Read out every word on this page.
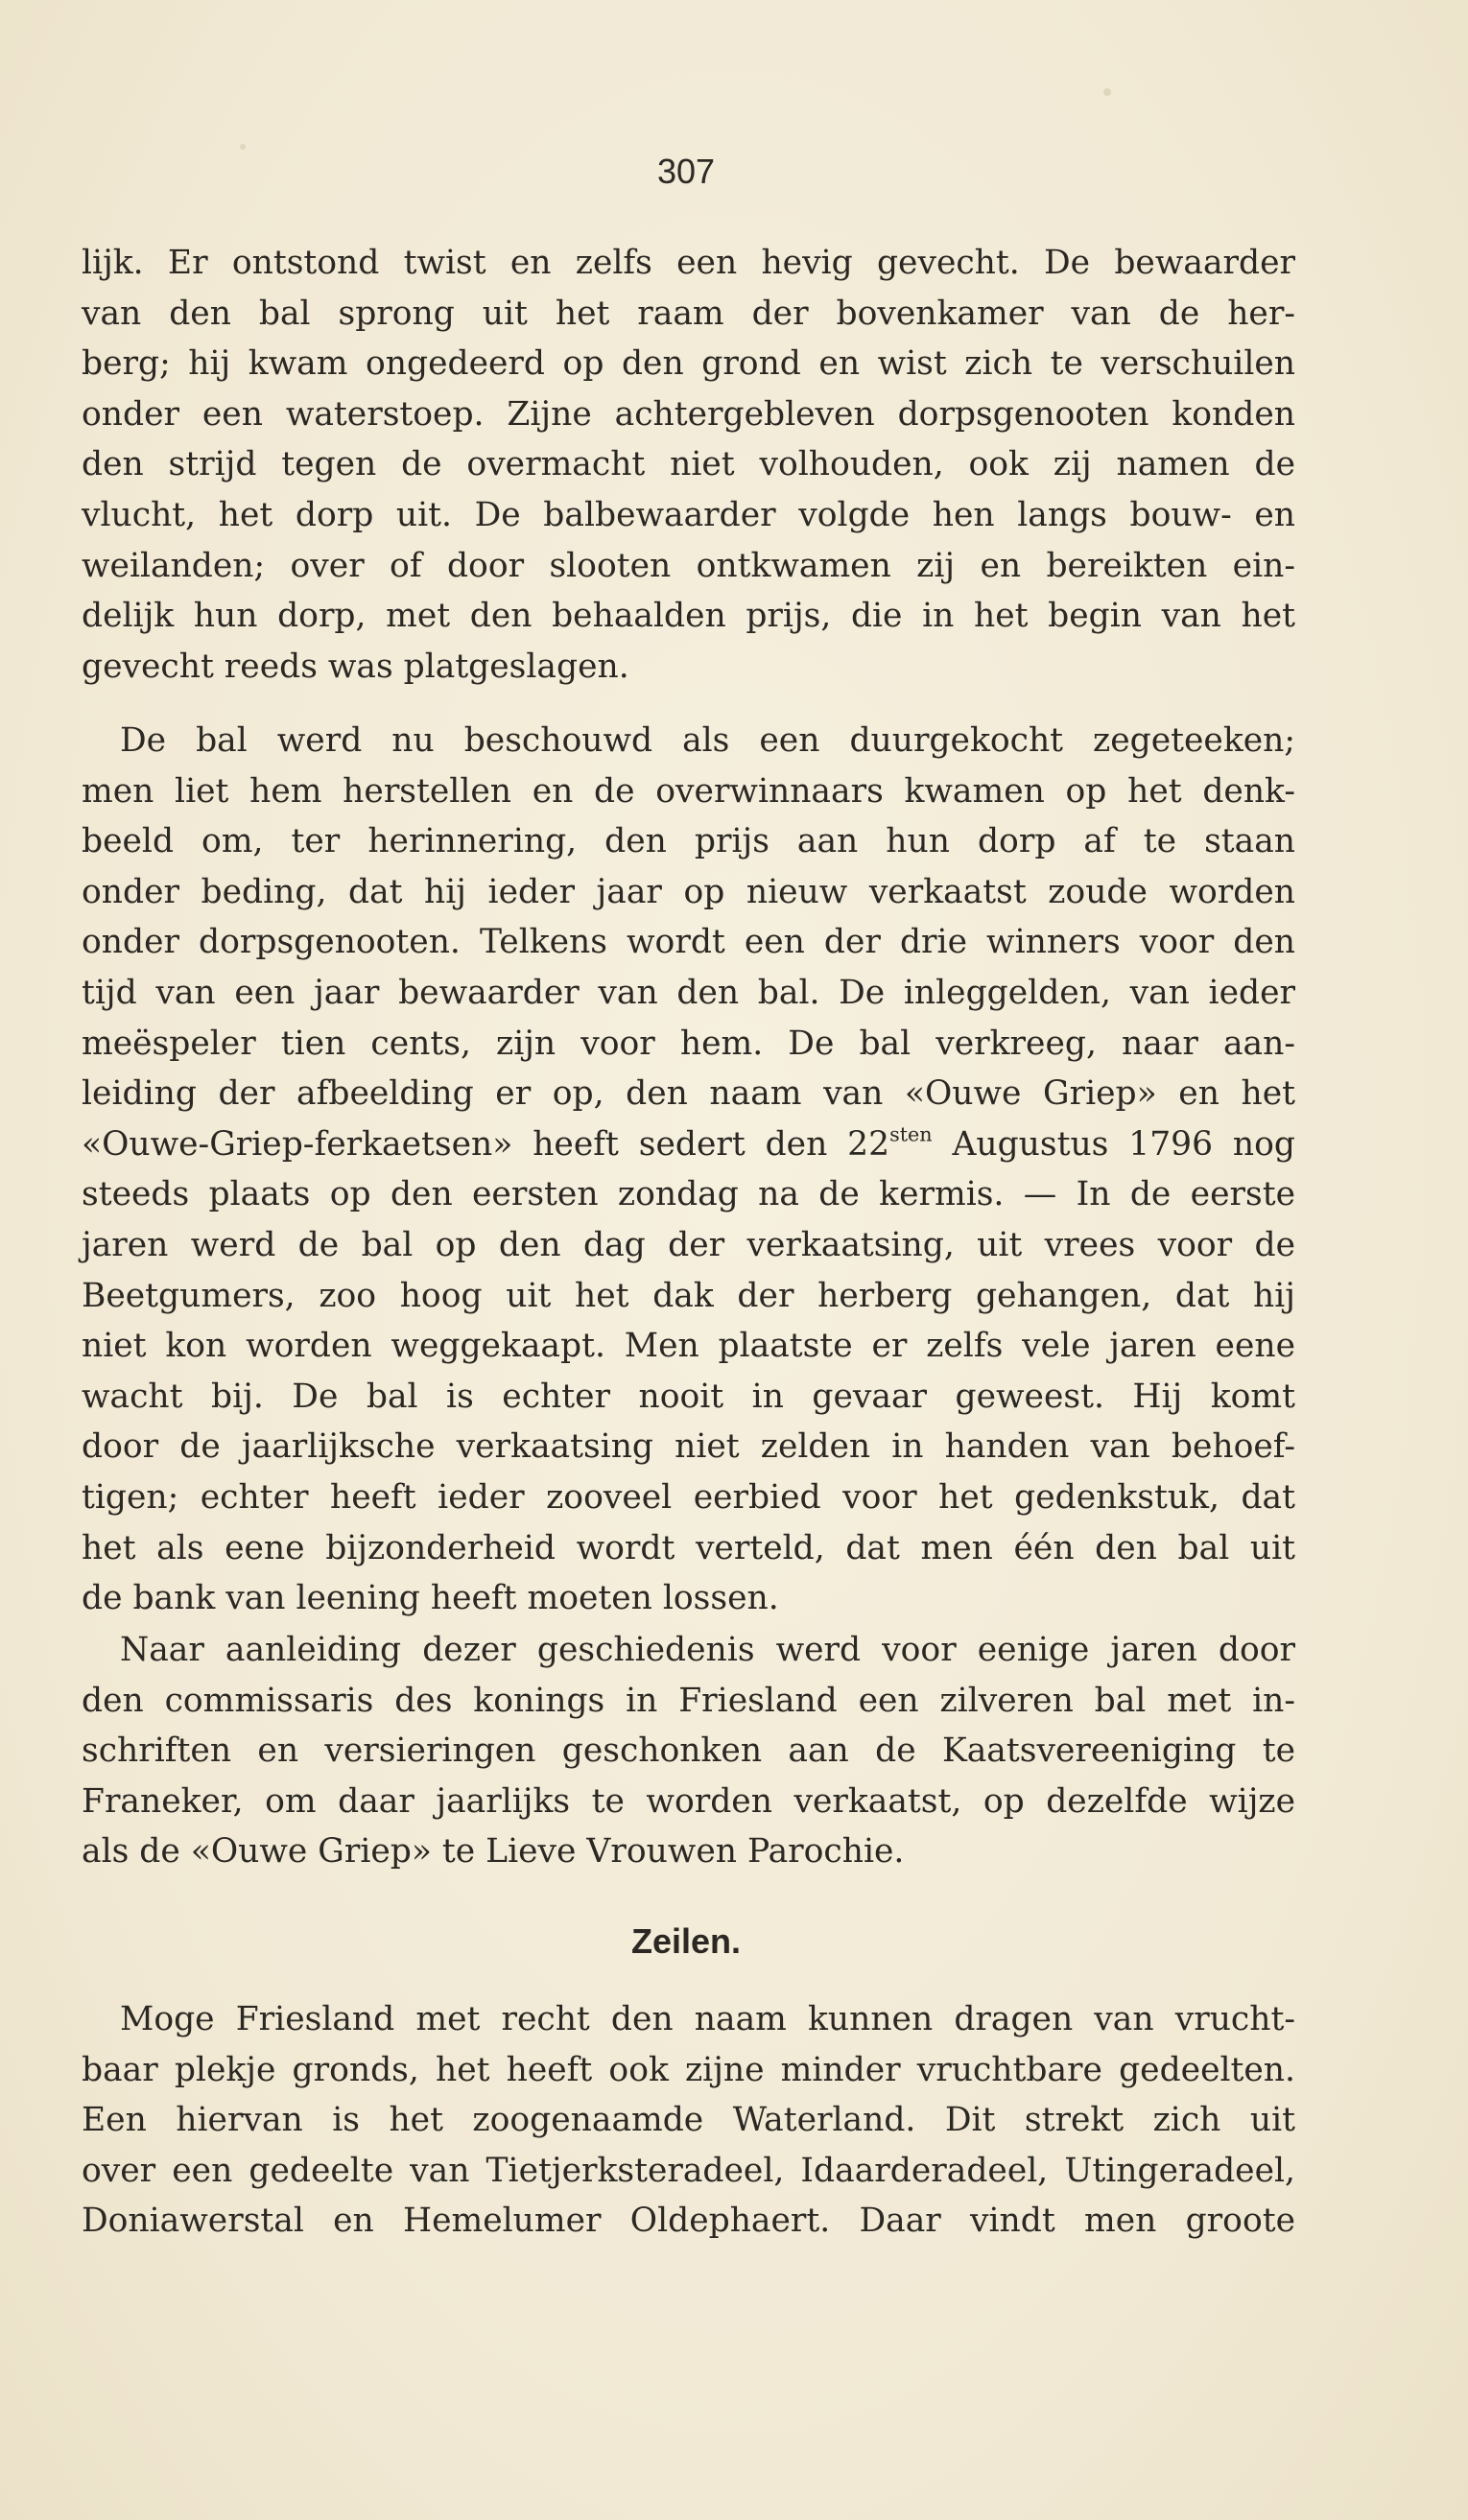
307
lijk. Er ontstond twist en zelfs een hevig gevecht. De bewaarder
van den bal sprong uit het raam der bovenkamer van de her-
berg; hij kwam ongedeerd op den grond en wist zich te verschuilen
onder een waterstoep. Zijne achtergebleven dorpsgenooten konden
den strijd tegen de overmacht niet volhouden, ook zij namen de
vlucht, het dorp uit. De balbewaarder volgde hen langs bouw- en
weilanden; over of door slooten ontkwamen zij en bereikten ein-
delijk hun dorp, met den behaalden prijs, die in het begin van het
gevecht reeds was platgeslagen.
De bal werd nu beschouwd als een duurgekocht zegeteeken;
men liet hem herstellen en de overwinnaars kwamen op het denk-
beeld om, ter herinnering, den prijs aan hun dorp af te staan
onder beding, dat hij ieder jaar op nieuw verkaatst zoude worden
onder dorpsgenooten. Telkens wordt een der drie winners voor den
tijd van een jaar bewaarder van den bal. De inleggelden, van ieder
meëspeler tien cents, zijn voor hem. De bal verkreeg, naar aan-
leiding der afbeelding er op, den naam van «Ouwe Griep» en het
«Ouwe-Griep-ferkaetsen» heeft sedert den $22^{sten}$ Augustus 1796 nog
steeds plaats op den eersten zondag na de kermis. — In de eerste
jaren werd de bal op den dag der verkaatsing, uit vrees voor de
Beetgumers, zoo hoog uit het dak der herberg gehangen, dat hij
niet kon worden weggekaapt. Men plaatste er zelfs vele jaren eene
wacht bij. De bal is echter nooit in gevaar geweest. Hij komt
door de jaarlijksche verkaatsing niet zelden in handen van behoef-
tigen; echter heeft ieder zooveel eerbied voor het gedenkstuk, dat
het als eene bijzonderheid wordt verteld, dat men één den bal uit
de bank van leening heeft moeten lossen.
Naar aanleiding dezer geschiedenis werd voor eenige jaren door
den commissaris des konings in Friesland een zilveren bal met in-
schriften en versieringen geschonken aan de Kaatsvereeniging te
Franeker, om daar jaarlijks te worden verkaatst, op dezelfde wijze
als de «Ouwe Griep» te Lieve Vrouwen Parochie.
Zeilen.
Moge Friesland met recht den naam kunnen dragen van vrucht-
baar plekje gronds, het heeft ook zijne minder vruchtbare gedeelten.
Een hiervan is het zoogenaamde Waterland. Dit strekt zich uit
over een gedeelte van Tietjerksteradeel, Idaarderadeel, Utingeradeel,
Doniawerstal en Hemelumer Oldephaert. Daar vindt men groote
